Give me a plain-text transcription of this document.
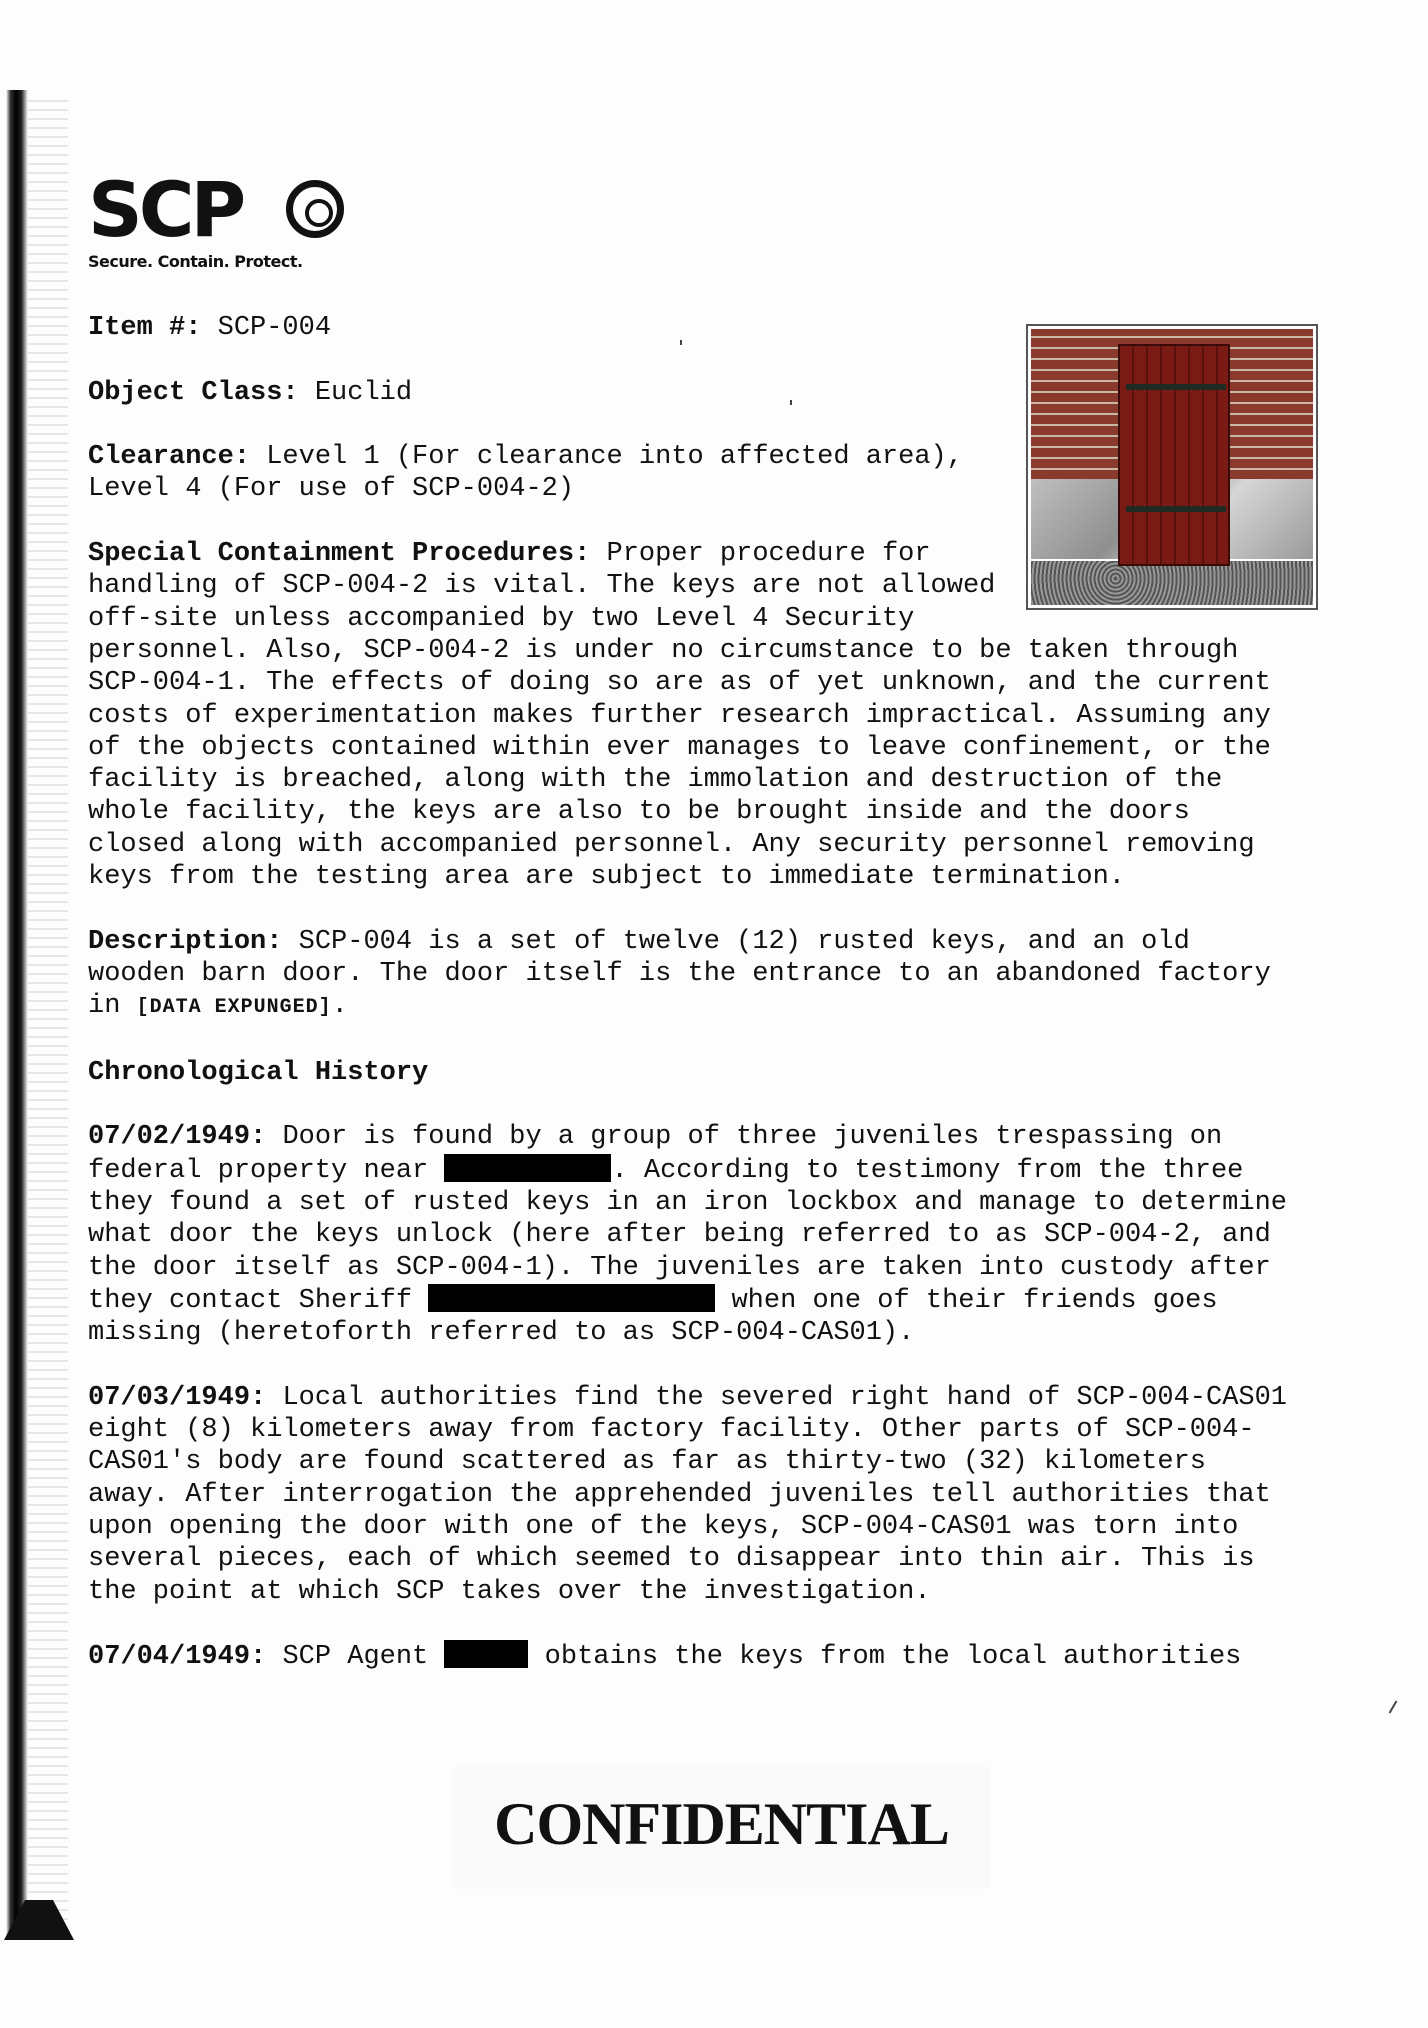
SCP
Secure. Contain. Protect.

Item #: SCP-004

Object Class: Euclid

Clearance: Level 1 (For clearance into affected area), Level 4 (For use of SCP-004-2)

Special Containment Procedures: Proper procedure for handling of SCP-004-2 is vital. The keys are not allowed off-site unless accompanied by two Level 4 Security personnel. Also, SCP-004-2 is under no circumstance to be taken through SCP-004-1. The effects of doing so are as of yet unknown, and the current costs of experimentation makes further research impractical. Assuming any of the objects contained within ever manages to leave confinement, or the facility is breached, along with the immolation and destruction of the whole facility, the keys are also to be brought inside and the doors closed along with accompanied personnel. Any security personnel removing keys from the testing area are subject to immediate termination.

Description: SCP-004 is a set of twelve (12) rusted keys, and an old wooden barn door. The door itself is the entrance to an abandoned factory in [DATA EXPUNGED].

Chronological History

07/02/1949: Door is found by a group of three juveniles trespassing on federal property near	. According to testimony from the three they found a set of rusted keys in an iron lockbox and manage to determine what door the keys unlock (here after being referred to as SCP-004-2, and the door itself as SCP-004-1). The juveniles are taken into custody after they contact Sheriff	when one of their friends goes missing (heretoforth referred to as SCP-004-CAS01).

07/03/1949: Local authorities find the severed right hand of SCP-004-CAS01 eight (8) kilometers away from factory facility. Other parts of SCP-004-CAS01's body are found scattered as far as thirty-two (32) kilometers away. After interrogation the apprehended juveniles tell authorities that upon opening the door with one of the keys, SCP-004-CAS01 was torn into several pieces, each of which seemed to disappear into thin air. This is the point at which SCP takes over the investigation.

07/04/1949: SCP Agent	obtains the keys from the local authorities

CONFIDENTIAL
